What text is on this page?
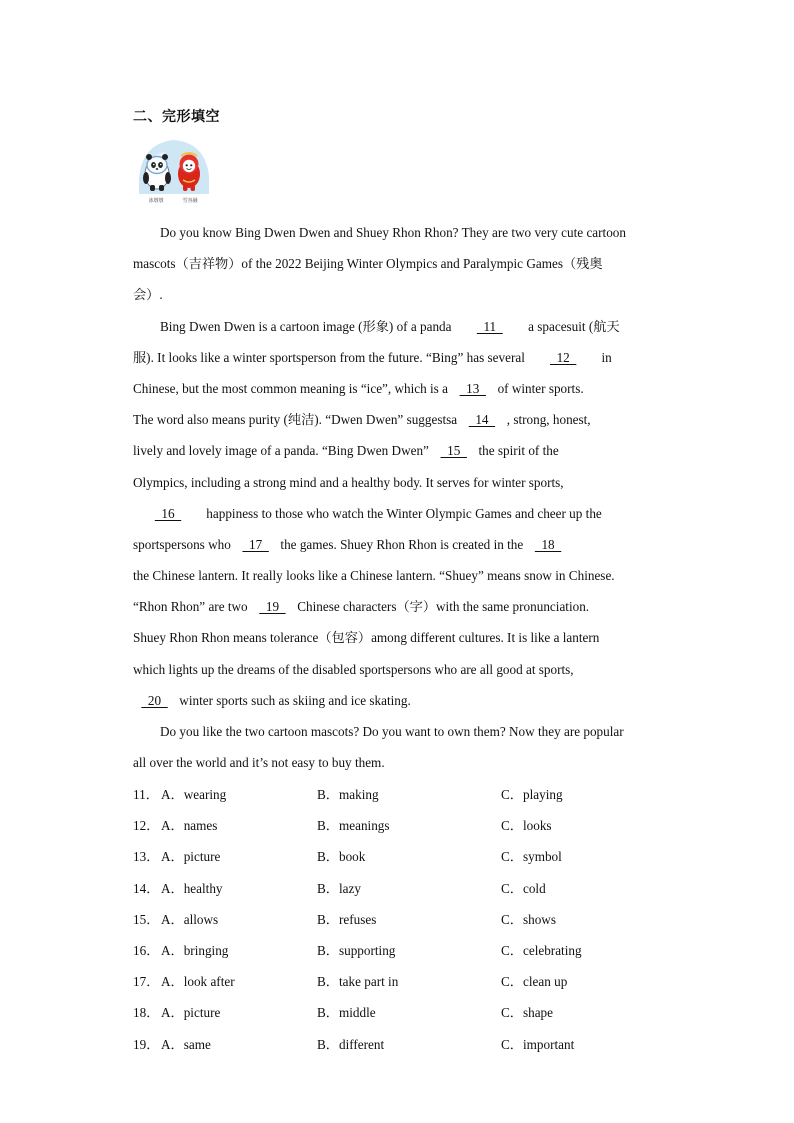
二、完形填空
冰墩墩	雪容融
Do you know Bing Dwen Dwen and Shuey Rhon Rhon? They are two very cute cartoon
mascots（吉祥物）of the 2022 Beijing Winter Olympics and Paralympic Games（残奥
会）.
Bing Dwen Dwen is a cartoon image (形象) of a panda   11   a spacesuit (航天
服). It looks like a winter sportsperson from the future. “Bing” has several   12   in
Chinese, but the most common meaning is “ice”, which is a   13   of winter sports.
The word also means purity (纯洁). “Dwen Dwen” suggestsa   14   , strong, honest,
lively and lovely image of a panda. “Bing Dwen Dwen”   15   the spirit of the
Olympics, including a strong mind and a healthy body. It serves for winter sports,
16   happiness to those who watch the Winter Olympic Games and cheer up the
sportspersons who   17   the games. Shuey Rhon Rhon is created in the   18
the Chinese lantern. It really looks like a Chinese lantern. “Shuey” means snow in Chinese.
“Rhon Rhon” are two   19   Chinese characters（字）with the same pronunciation.
Shuey Rhon Rhon means tolerance（包容）among different cultures. It is like a lantern
which lights up the dreams of the disabled sportspersons who are all good at sports,
20   winter sports such as skiing and ice skating.
Do you like the two cartoon mascots? Do you want to own them? Now they are popular
all over the world and it’s not easy to buy them.
11． A．wearing	B．making	C．playing
12． A．names	B．meanings	C．looks
13． A．picture	B．book	C．symbol
14． A．healthy	B．lazy	C．cold
15． A．allows	B．refuses	C．shows
16． A．bringing	B．supporting	C．celebrating
17． A．look after	B．take part in	C．clean up
18． A．picture	B．middle	C．shape
19． A．same	B．different	C．important
